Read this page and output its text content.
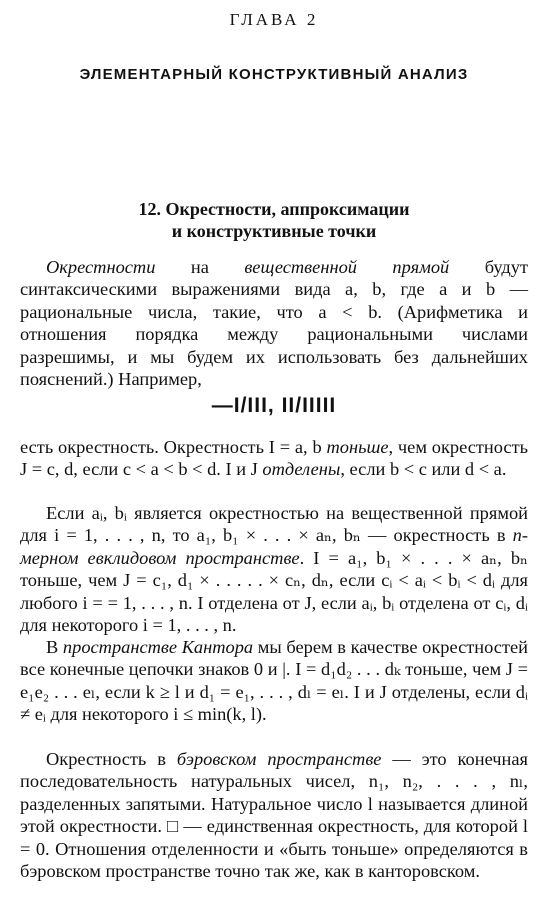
ГЛАВА 2
ЭЛЕМЕНТАРНЫЙ КОНСТРУКТИВНЫЙ АНАЛИЗ
12. Окрестности, аппроксимации
и конструктивные точки
Окрестности на вещественной прямой будут синтаксическими выражениями вида a, b, где a и b — рациональные числа, такие, что a < b. (Арифметика и отношения порядка между рациональными числами разрешимы, и мы будем их использовать без дальнейших пояснений.) Например,
—I/III, II/IIIII
есть окрестность. Окрестность I = a, b тоньше, чем окрестность J = c, d, если c < a < b < d. I и J отделены, если b < c или d < a.
Если aᵢ, bᵢ является окрестностью на вещественной прямой для i = 1, . . . , n, то a₁, b₁ × . . . × aₙ, bₙ — окрестность в n-мерном евклидовом пространстве. I = a₁, b₁ × . . . × aₙ, bₙ тоньше, чем J = c₁, d₁ × . . . . . × cₙ, dₙ, если cᵢ < aᵢ < bᵢ < dᵢ для любого i = = 1, . . . , n. I отделена от J, если aᵢ, bᵢ отделена от cᵢ, dᵢ для некоторого i = 1, . . . , n.
В пространстве Кантора мы берем в качестве окрестностей все конечные цепочки знаков 0 и |. I = d₁d₂ . . . dₖ тоньше, чем J = e₁e₂ . . . eₗ, если k ≥ l и d₁ = e₁, . . . , dₗ = eₗ. I и J отделены, если dᵢ ≠ eᵢ для некоторого i ≤ min(k, l).
Окрестность в бэровском пространстве — это конечная последовательность натуральных чисел, n₁, n₂, . . . , nₗ, разделенных запятыми. Натуральное число l называется длиной этой окрестности. □ — единственная окрестность, для которой l = 0. Отношения отделенности и «быть тоньше» определяются в бэровском пространстве точно так же, как в канторовском.
